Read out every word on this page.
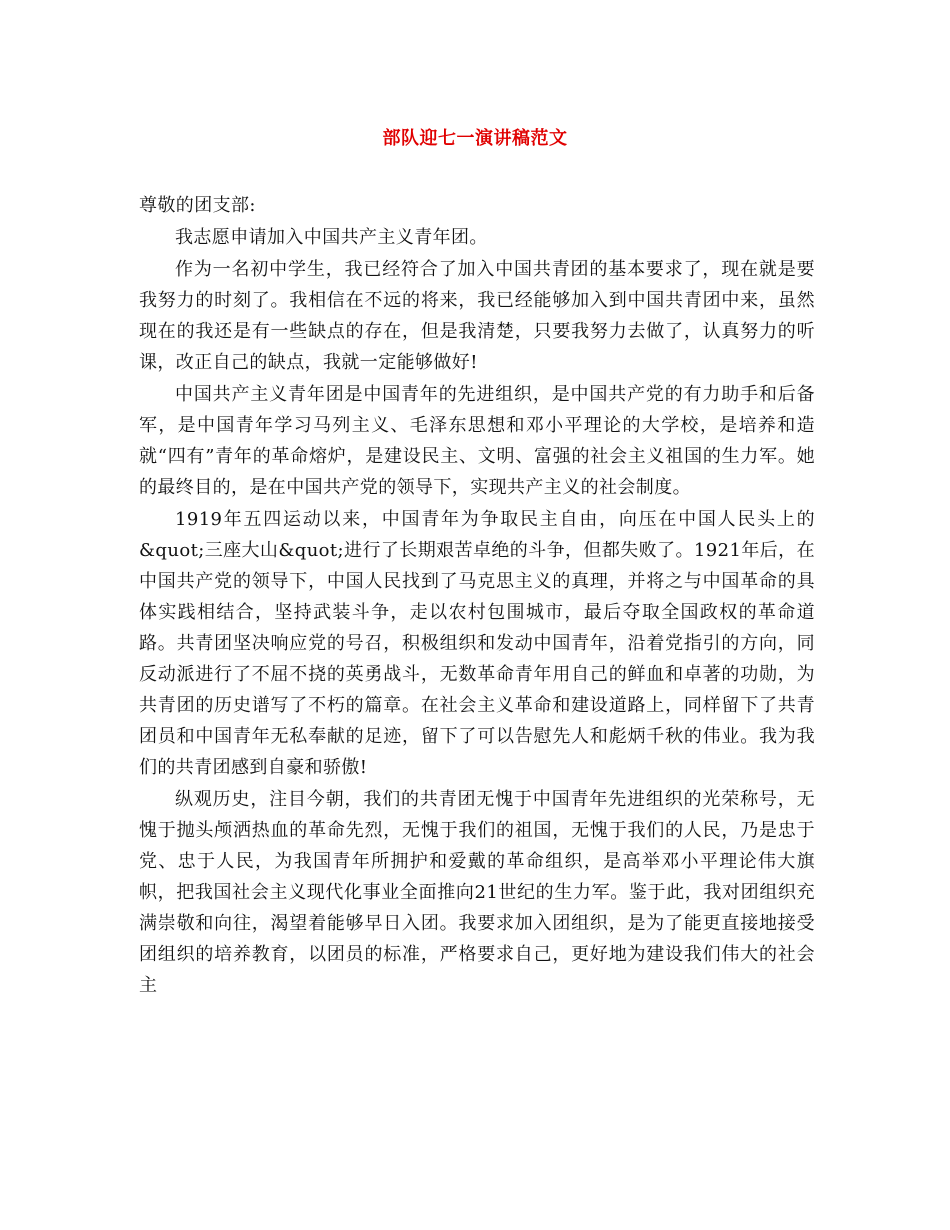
部队迎七一演讲稿范文

尊敬的团支部:

我志愿申请加入中国共产主义青年团。

作为一名初中学生，我已经符合了加入中国共青团的基本要求了，现在就是要我努力的时刻了。我相信在不远的将来，我已经能够加入到中国共青团中来，虽然现在的我还是有一些缺点的存在，但是我清楚，只要我努力去做了，认真努力的听课，改正自己的缺点，我就一定能够做好!

中国共产主义青年团是中国青年的先进组织，是中国共产党的有力助手和后备军，是中国青年学习马列主义、毛泽东思想和邓小平理论的大学校，是培养和造就“四有”青年的革命熔炉，是建设民主、文明、富强的社会主义祖国的生力军。她的最终目的，是在中国共产党的领导下，实现共产主义的社会制度。

1919年五四运动以来，中国青年为争取民主自由，向压在中国人民头上的&quot;三座大山&quot;进行了长期艰苦卓绝的斗争，但都失败了。1921年后，在中国共产党的领导下，中国人民找到了马克思主义的真理，并将之与中国革命的具体实践相结合，坚持武装斗争，走以农村包围城市，最后夺取全国政权的革命道路。共青团坚决响应党的号召，积极组织和发动中国青年，沿着党指引的方向，同反动派进行了不屈不挠的英勇战斗，无数革命青年用自己的鲜血和卓著的功勋，为共青团的历史谱写了不朽的篇章。在社会主义革命和建设道路上，同样留下了共青团员和中国青年无私奉献的足迹，留下了可以告慰先人和彪炳千秋的伟业。我为我们的共青团感到自豪和骄傲!

纵观历史，注目今朝，我们的共青团无愧于中国青年先进组织的光荣称号，无愧于抛头颅洒热血的革命先烈，无愧于我们的祖国，无愧于我们的人民，乃是忠于党、忠于人民，为我国青年所拥护和爱戴的革命组织，是高举邓小平理论伟大旗帜，把我国社会主义现代化事业全面推向21世纪的生力军。鉴于此，我对团组织充满崇敬和向往，渴望着能够早日入团。我要求加入团组织，是为了能更直接地接受团组织的培养教育，以团员的标准，严格要求自己，更好地为建设我们伟大的社会主
